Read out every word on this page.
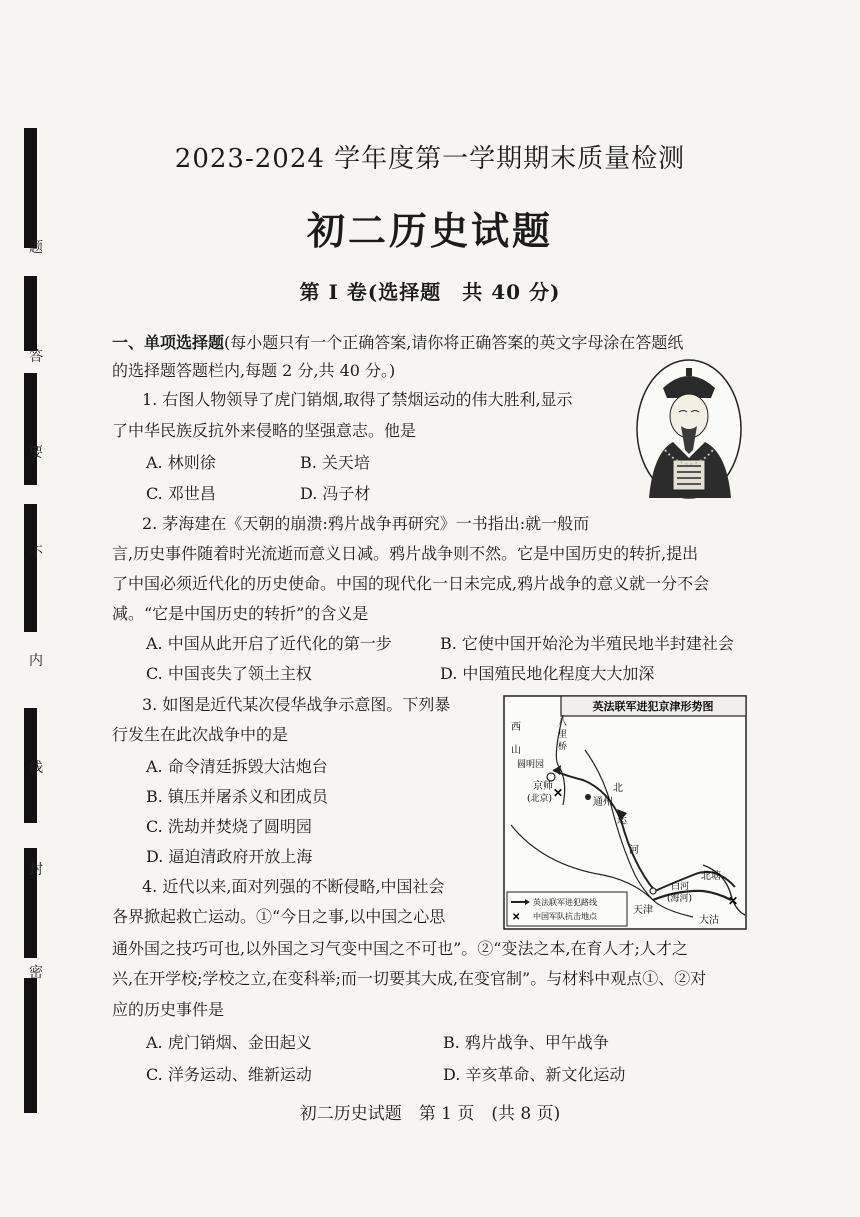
题
答
要
不
内
线
封
密
2023-2024 学年度第一学期期末质量检测
初二历史试题
第 I 卷(选择题　共 40 分)
一、单项选择题(每小题只有一个正确答案,请你将正确答案的英文字母涂在答题纸
的选择题答题栏内,每题 2 分,共 40 分。)
1. 右图人物领导了虎门销烟,取得了禁烟运动的伟大胜利,显示
了中华民族反抗外来侵略的坚强意志。他是
A. 林则徐	B. 关天培
C. 邓世昌	D. 冯子材
2. 茅海建在《天朝的崩溃:鸦片战争再研究》一书指出:就一般而
言,历史事件随着时光流逝而意义日减。鸦片战争则不然。它是中国历史的转折,提出
了中国必须近代化的历史使命。中国的现代化一日未完成,鸦片战争的意义就一分不会
减。“它是中国历史的转折”的含义是
A. 中国从此开启了近代化的第一步	B. 它使中国开始沦为半殖民地半封建社会
C. 中国丧失了领土主权	D. 中国殖民地化程度大大加深
3. 如图是近代某次侵华战争示意图。下列暴
行发生在此次战争中的是
A. 命令清廷拆毁大沽炮台
B. 镇压并屠杀义和团成员
C. 洗劫并焚烧了圆明园
D. 逼迫清政府开放上海
英法联军进犯京津形势图
✕
✕
西
山
圆明园
八
里
桥
京师
(北京)	通州
北
运
河
天津
白河
(海河)
大沽
北塘
英法联军进犯路线
✕ 中国军队抗击地点
4. 近代以来,面对列强的不断侵略,中国社会
各界掀起救亡运动。①“今日之事,以中国之心思
通外国之技巧可也,以外国之习气变中国之不可也”。②“变法之本,在育人才;人才之
兴,在开学校;学校之立,在变科举;而一切要其大成,在变官制”。与材料中观点①、②对
应的历史事件是
A. 虎门销烟、金田起义	B. 鸦片战争、甲午战争
C. 洋务运动、维新运动	D. 辛亥革命、新文化运动
初二历史试题　第 1 页　(共 8 页)
